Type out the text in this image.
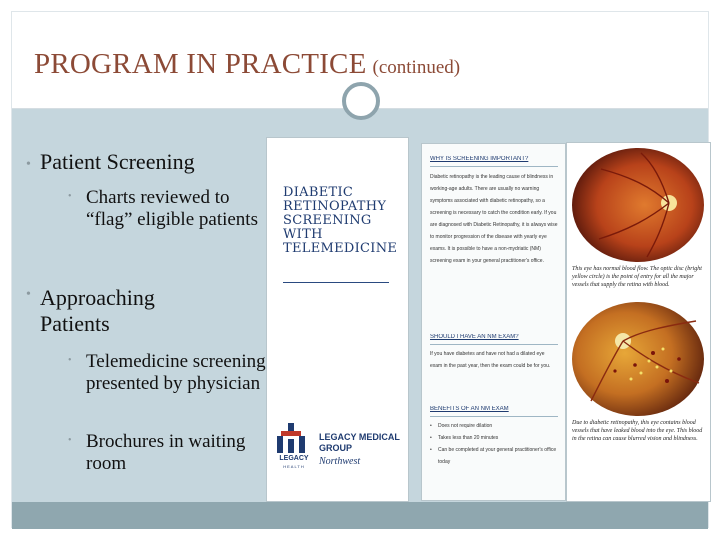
PROGRAM IN PRACTICE (continued)
• Patient Screening
• Charts reviewed to “flag” eligible patients
• Approaching Patients
• Telemedicine screening presented by physician
• Brochures in waiting room
DIABETIC RETINOPATHY SCREENING WITH TELEMEDICINE
LEGACY
HEALTH
LEGACY MEDICAL GROUP
Northwest
WHY IS SCREENING IMPORTANT?
Diabetic retinopathy is the leading cause of blindness in working-age adults. There are usually no warning symptoms associated with diabetic retinopathy, so a screening is necessary to catch the condition early. If you are diagnosed with Diabetic Retinopathy, it is always wise to monitor progression of the disease with yearly eye exams. It is possible to have a non-mydriatic (NM) screening exam in your general practitioner's office.
SHOULD I HAVE AN NM EXAM?
If you have diabetes and have not had a dilated eye exam in the past year, then the exam could be for you.
BENEFITS OF AN NM EXAM
• Does not require dilation
• Takes less than 20 minutes
• Can be completed at your general practitioner's office today
This eye has normal blood flow. The optic disc (bright yellow circle) is the point of entry for all the major vessels that supply the retina with blood.
Due to diabetic retinopathy, this eye contains blood vessels that have leaked blood into the eye. This blood in the retina can cause blurred vision and blindness.
